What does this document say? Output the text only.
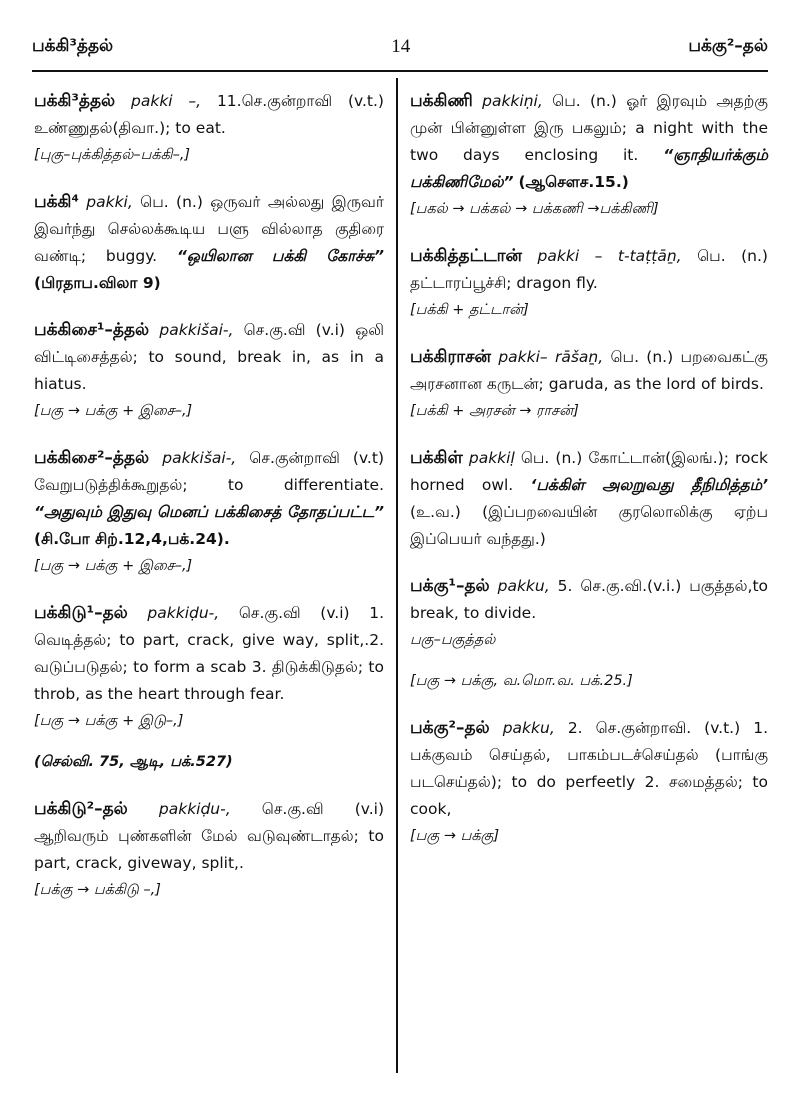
பக்கி³த்தல்	14	பக்கு²–தல்

பக்கி³த்தல் pakki –, 11.செ.குன்றாவி (v.t.) உண்ணுதல்(திவா.); to eat.

[புகு–புக்கித்தல்–பக்கி–,]

பக்கி⁴ pakki, பெ. (n.) ஒருவர் அல்லது இருவர் இவர்ந்து செல்லக்கூடிய பளு வில்லாத குதிரை வண்டி; buggy. “ஒயிலான பக்கி கோச்சு” (பிரதாப.விலா 9)

பக்கிசை¹–த்தல் pakkišai-, செ.கு.வி (v.i) ஒலி விட்டிசைத்தல்; to sound, break in, as in a hiatus.

[பகு → பக்கு + இசை–,]

பக்கிசை²–த்தல் pakkišai-, செ.குன்றாவி (v.t) வேறுபடுத்திக்கூறுதல்; to differentiate. “அதுவும் இதுவு மெனப் பக்கிசைத் தோதப்பட்ட” (சி.போ சிற்.12,4,பக்.24).

[பகு → பக்கு + இசை–,]

பக்கிடு¹–தல் pakkiḍu-, செ.கு.வி (v.i) 1. வெடித்தல்; to part, crack, give way, split,.2. வடுப்படுதல்; to form a scab 3. திடுக்கிடுதல்; to throb, as the heart through fear.

[பகு → பக்கு + இடு–,]

(செல்வி. 75, ஆடி, பக்.527)

பக்கிடு²–தல் pakkiḍu-, செ.கு.வி (v.i) ஆறிவரும் புண்களின் மேல் வடுவுண்டாதல்; to part, crack, giveway, split,.

[பக்கு → பக்கிடு –,]

பக்கிணி pakkiṇi, பெ. (n.) ஓர் இரவும் அதற்கு முன் பின்னுள்ள இரு பகலும்; a night with the two days enclosing it. “ஞாதியர்க்கும் பக்கிணிமேல்” (ஆசௌச.15.)

[பகல் → பக்கல் → பக்கணி →பக்கிணி]

பக்கித்தட்டான் pakki – t-taṭṭāṉ, பெ. (n.) தட்டாரப்பூச்சி; dragon fly.

[பக்கி + தட்டான்]

பக்கிராசன் pakki– rāšaṉ, பெ. (n.) பறவைகட்கு அரசனான கருடன்; garuda, as the lord of birds.

[பக்கி + அரசன் → ராசன்]

பக்கிள் pakkiḷ பெ. (n.) கோட்டான்(இலங்.); rock horned owl. ‘பக்கிள் அலறுவது தீநிமித்தம்’ (உ.வ.) (இப்பறவையின் குரலொலிக்கு ஏற்ப இப்பெயர் வந்தது.)

பக்கு¹–தல் pakku, 5. செ.கு.வி.(v.i.) பகுத்தல்,to break, to divide.

பகு–பகுத்தல்

[பகு → பக்கு, வ.மொ.வ. பக்.25.]

பக்கு²–தல் pakku, 2. செ.குன்றாவி. (v.t.) 1. பக்குவம் செய்தல், பாகம்படச்செய்தல் (பாங்கு படசெய்தல்); to do perfeetly 2. சமைத்தல்; to cook,

[பகு → பக்கு]
